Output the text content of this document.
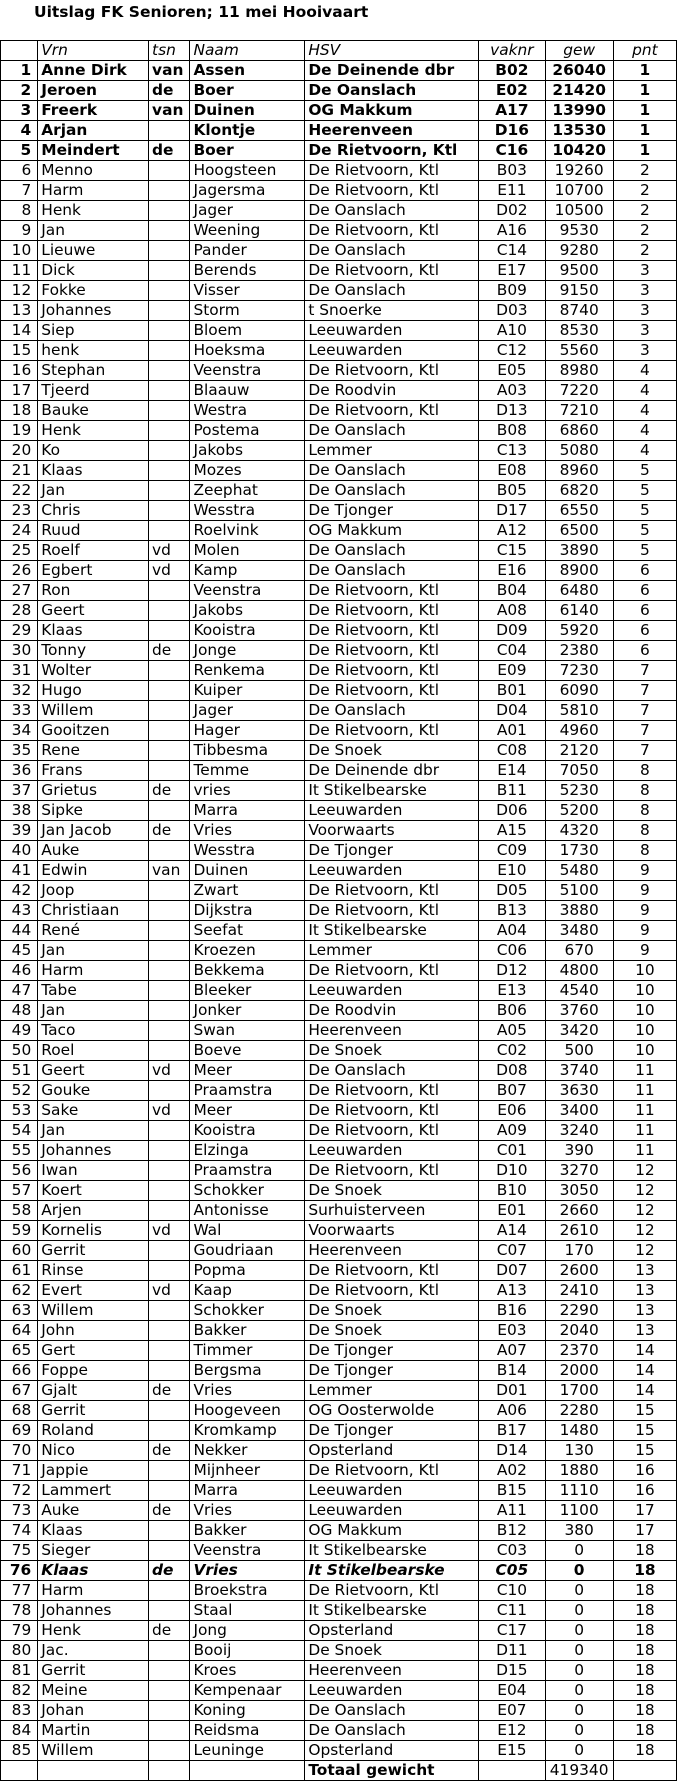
Uitslag FK Senioren; 11 mei Hooivaart
	Vrn	tsn	Naam	HSV	vaknr	gew	pnt
1	Anne Dirk	van	Assen	De Deinende dbr	B02	26040	1
2	Jeroen	de	Boer	De Oanslach	E02	21420	1
3	Freerk	van	Duinen	OG Makkum	A17	13990	1
4	Arjan		Klontje	Heerenveen	D16	13530	1
5	Meindert	de	Boer	De Rietvoorn, Ktl	C16	10420	1
6	Menno		Hoogsteen	De Rietvoorn, Ktl	B03	19260	2
7	Harm		Jagersma	De Rietvoorn, Ktl	E11	10700	2
8	Henk		Jager	De Oanslach	D02	10500	2
9	Jan		Weening	De Rietvoorn, Ktl	A16	9530	2
10	Lieuwe		Pander	De Oanslach	C14	9280	2
11	Dick		Berends	De Rietvoorn, Ktl	E17	9500	3
12	Fokke		Visser	De Oanslach	B09	9150	3
13	Johannes		Storm	t Snoerke	D03	8740	3
14	Siep		Bloem	Leeuwarden	A10	8530	3
15	henk		Hoeksma	Leeuwarden	C12	5560	3
16	Stephan		Veenstra	De Rietvoorn, Ktl	E05	8980	4
17	Tjeerd		Blaauw	De Roodvin	A03	7220	4
18	Bauke		Westra	De Rietvoorn, Ktl	D13	7210	4
19	Henk		Postema	De Oanslach	B08	6860	4
20	Ko		Jakobs	Lemmer	C13	5080	4
21	Klaas		Mozes	De Oanslach	E08	8960	5
22	Jan		Zeephat	De Oanslach	B05	6820	5
23	Chris		Wesstra	De Tjonger	D17	6550	5
24	Ruud		Roelvink	OG Makkum	A12	6500	5
25	Roelf	vd	Molen	De Oanslach	C15	3890	5
26	Egbert	vd	Kamp	De Oanslach	E16	8900	6
27	Ron		Veenstra	De Rietvoorn, Ktl	B04	6480	6
28	Geert		Jakobs	De Rietvoorn, Ktl	A08	6140	6
29	Klaas		Kooistra	De Rietvoorn, Ktl	D09	5920	6
30	Tonny	de	Jonge	De Rietvoorn, Ktl	C04	2380	6
31	Wolter		Renkema	De Rietvoorn, Ktl	E09	7230	7
32	Hugo		Kuiper	De Rietvoorn, Ktl	B01	6090	7
33	Willem		Jager	De Oanslach	D04	5810	7
34	Gooitzen		Hager	De Rietvoorn, Ktl	A01	4960	7
35	Rene		Tibbesma	De Snoek	C08	2120	7
36	Frans		Temme	De Deinende dbr	E14	7050	8
37	Grietus	de	vries	It Stikelbearske	B11	5230	8
38	Sipke		Marra	Leeuwarden	D06	5200	8
39	Jan Jacob	de	Vries	Voorwaarts	A15	4320	8
40	Auke		Wesstra	De Tjonger	C09	1730	8
41	Edwin	van	Duinen	Leeuwarden	E10	5480	9
42	Joop		Zwart	De Rietvoorn, Ktl	D05	5100	9
43	Christiaan		Dijkstra	De Rietvoorn, Ktl	B13	3880	9
44	René		Seefat	It Stikelbearske	A04	3480	9
45	Jan		Kroezen	Lemmer	C06	670	9
46	Harm		Bekkema	De Rietvoorn, Ktl	D12	4800	10
47	Tabe		Bleeker	Leeuwarden	E13	4540	10
48	Jan		Jonker	De Roodvin	B06	3760	10
49	Taco		Swan	Heerenveen	A05	3420	10
50	Roel		Boeve	De Snoek	C02	500	10
51	Geert	vd	Meer	De Oanslach	D08	3740	11
52	Gouke		Praamstra	De Rietvoorn, Ktl	B07	3630	11
53	Sake	vd	Meer	De Rietvoorn, Ktl	E06	3400	11
54	Jan		Kooistra	De Rietvoorn, Ktl	A09	3240	11
55	Johannes		Elzinga	Leeuwarden	C01	390	11
56	Iwan		Praamstra	De Rietvoorn, Ktl	D10	3270	12
57	Koert		Schokker	De Snoek	B10	3050	12
58	Arjen		Antonisse	Surhuisterveen	E01	2660	12
59	Kornelis	vd	Wal	Voorwaarts	A14	2610	12
60	Gerrit		Goudriaan	Heerenveen	C07	170	12
61	Rinse		Popma	De Rietvoorn, Ktl	D07	2600	13
62	Evert	vd	Kaap	De Rietvoorn, Ktl	A13	2410	13
63	Willem		Schokker	De Snoek	B16	2290	13
64	John		Bakker	De Snoek	E03	2040	13
65	Gert		Timmer	De Tjonger	A07	2370	14
66	Foppe		Bergsma	De Tjonger	B14	2000	14
67	Gjalt	de	Vries	Lemmer	D01	1700	14
68	Gerrit		Hoogeveen	OG Oosterwolde	A06	2280	15
69	Roland		Kromkamp	De Tjonger	B17	1480	15
70	Nico	de	Nekker	Opsterland	D14	130	15
71	Jappie		Mijnheer	De Rietvoorn, Ktl	A02	1880	16
72	Lammert		Marra	Leeuwarden	B15	1110	16
73	Auke	de	Vries	Leeuwarden	A11	1100	17
74	Klaas		Bakker	OG Makkum	B12	380	17
75	Sieger		Veenstra	It Stikelbearske	C03	0	18
76	Klaas	de	Vries	It Stikelbearske	C05	0	18
77	Harm		Broekstra	De Rietvoorn, Ktl	C10	0	18
78	Johannes		Staal	It Stikelbearske	C11	0	18
79	Henk	de	Jong	Opsterland	C17	0	18
80	Jac.		Booij	De Snoek	D11	0	18
81	Gerrit		Kroes	Heerenveen	D15	0	18
82	Meine		Kempenaar	Leeuwarden	E04	0	18
83	Johan		Koning	De Oanslach	E07	0	18
84	Martin		Reidsma	De Oanslach	E12	0	18
85	Willem		Leuninge	Opsterland	E15	0	18
				Totaal gewicht		419340	
